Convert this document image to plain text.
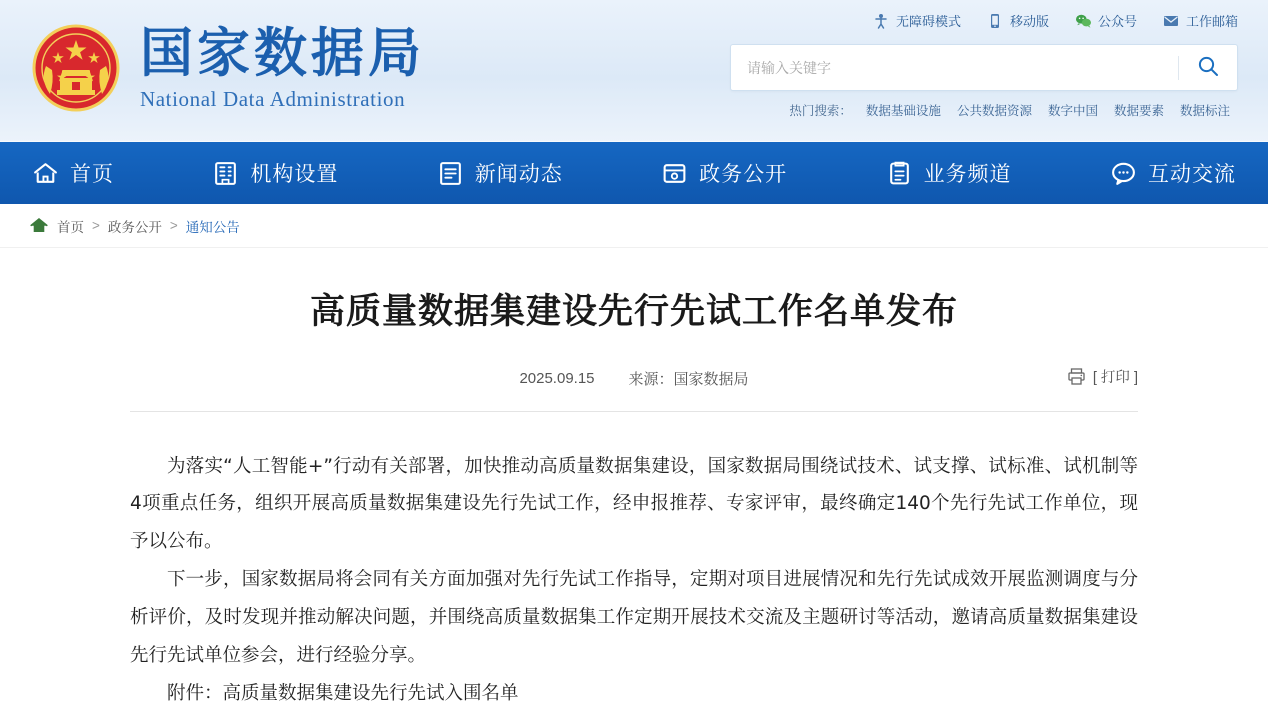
国家数据局
National Data Administration
无障碍模式	移动版	公众号	工作邮箱
请输入关键字
热门搜索： 数据基础设施 公共数据资源 数字中国 数据要素 数据标注
首页	机构设置	新闻动态	政务公开	业务频道	互动交流
首页 > 政务公开 > 通知公告
高质量数据集建设先行先试工作名单发布
2025.09.15 来源：国家数据局	[ 打印 ]

为落实“人工智能+”行动有关部署，加快推动高质量数据集建设，国家数据局围绕试技术、试支撑、试标准、试机制等4项重点任务，组织开展高质量数据集建设先行先试工作，经申报推荐、专家评审，最终确定140个先行先试工作单位，现予以公布。

下一步，国家数据局将会同有关方面加强对先行先试工作指导，定期对项目进展情况和先行先试成效开展监测调度与分析评价，及时发现并推动解决问题，并围绕高质量数据集工作定期开展技术交流及主题研讨等活动，邀请高质量数据集建设先行先试单位参会，进行经验分享。

附件：高质量数据集建设先行先试入围名单
